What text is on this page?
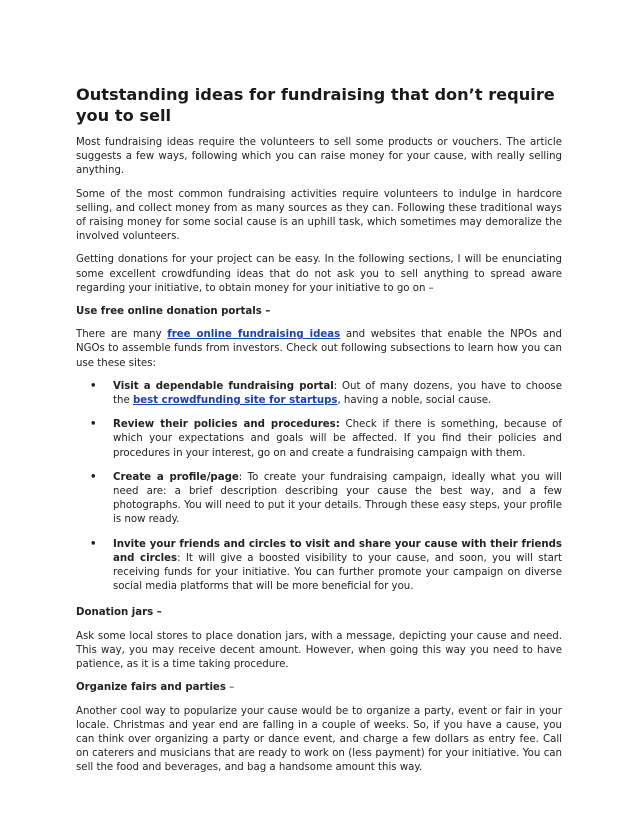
Outstanding ideas for fundraising that don’t require you to sell

Most fundraising ideas require the volunteers to sell some products or vouchers. The article suggests a few ways, following which you can raise money for your cause, with really selling anything.

Some of the most common fundraising activities require volunteers to indulge in hardcore selling, and collect money from as many sources as they can. Following these traditional ways of raising money for some social cause is an uphill task, which sometimes may demoralize the involved volunteers.

Getting donations for your project can be easy. In the following sections, I will be enunciating some excellent crowdfunding ideas that do not ask you to sell anything to spread aware regarding your initiative, to obtain money for your initiative to go on –

Use free online donation portals –

There are many free online fundraising ideas and websites that enable the NPOs and NGOs to assemble funds from investors. Check out following subsections to learn how you can use these sites:

• Visit a dependable fundraising portal: Out of many dozens, you have to choose the best crowdfunding site for startups, having a noble, social cause.
• Review their policies and procedures: Check if there is something, because of which your expectations and goals will be affected. If you find their policies and procedures in your interest, go on and create a fundraising campaign with them.
• Create a profile/page: To create your fundraising campaign, ideally what you will need are: a brief description describing your cause the best way, and a few photographs. You will need to put it your details. Through these easy steps, your profile is now ready.
• Invite your friends and circles to visit and share your cause with their friends and circles: It will give a boosted visibility to your cause, and soon, you will start receiving funds for your initiative. You can further promote your campaign on diverse social media platforms that will be more beneficial for you.

Donation jars –

Ask some local stores to place donation jars, with a message, depicting your cause and need. This way, you may receive decent amount. However, when going this way you need to have patience, as it is a time taking procedure.

Organize fairs and parties –

Another cool way to popularize your cause would be to organize a party, event or fair in your locale. Christmas and year end are falling in a couple of weeks. So, if you have a cause, you can think over organizing a party or dance event, and charge a few dollars as entry fee. Call on caterers and musicians that are ready to work on (less payment) for your initiative. You can sell the food and beverages, and bag a handsome amount this way.
